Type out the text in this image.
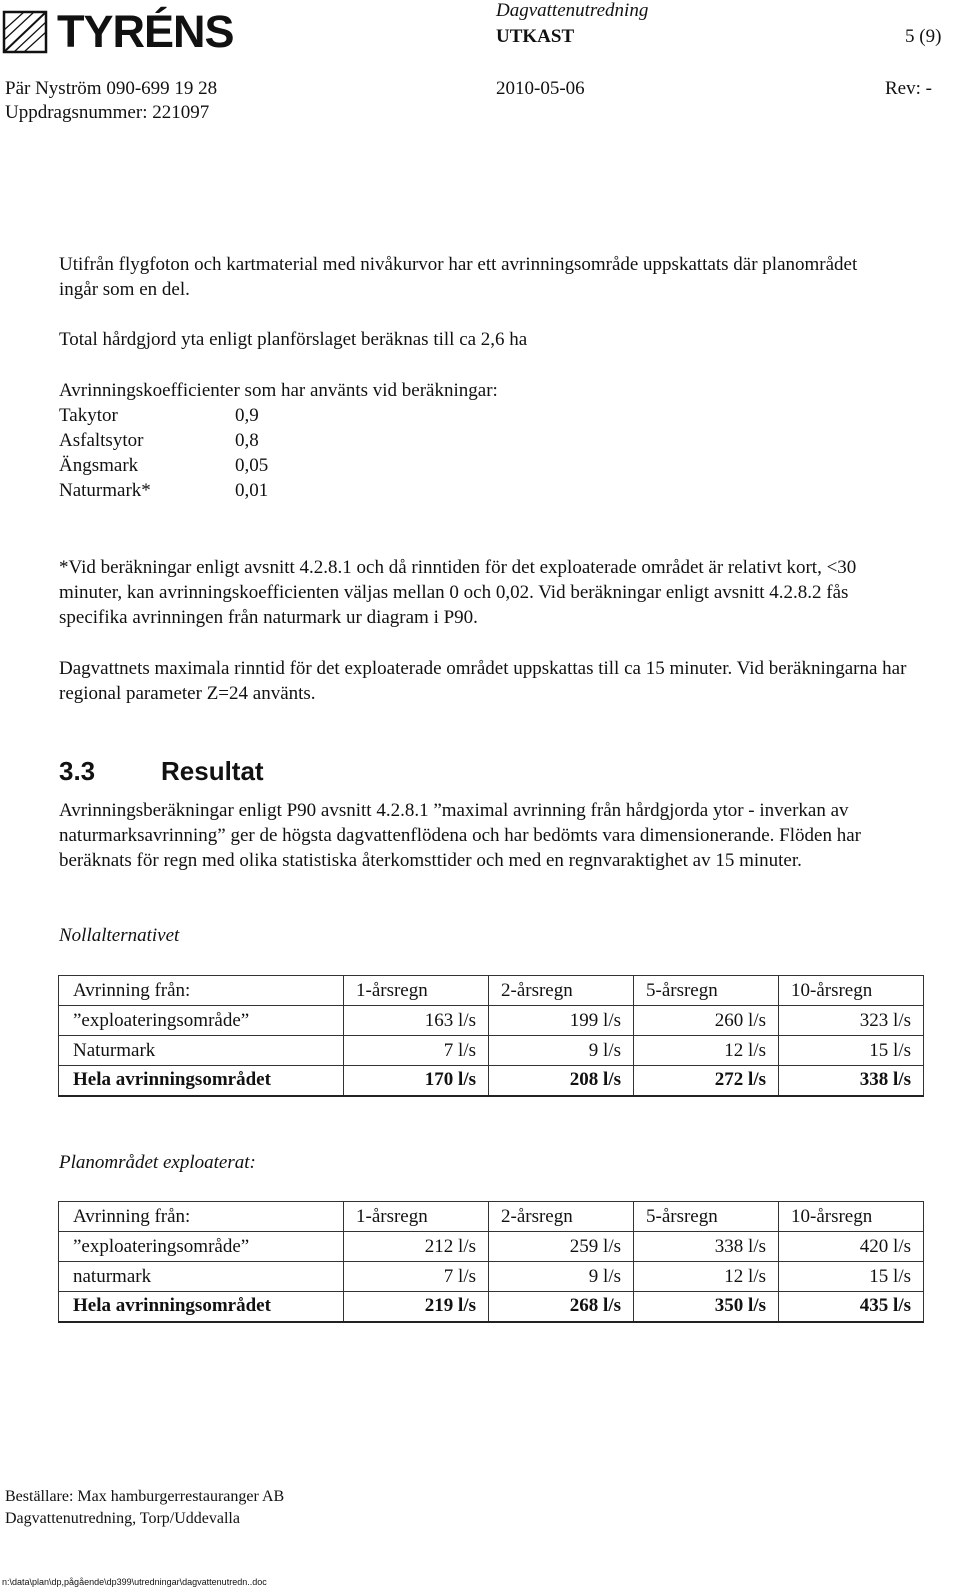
TYRÉNS	Dagvattenutredning
UTKAST	5 (9)
Pär Nyström 090-699 19 28	2010-05-06	Rev: -
Uppdragsnummer: 221097
Utifrån flygfoton och kartmaterial med nivåkurvor har ett avrinningsområde uppskattats där planområdet ingår som en del.
Total hårdgjord yta enligt planförslaget beräknas till ca 2,6 ha
Avrinningskoefficienter som har använts vid beräkningar:
Takytor	0,9
Asfaltsytor	0,8
Ängsmark	0,05
Naturmark*	0,01
*Vid beräkningar enligt avsnitt 4.2.8.1 och då rinntiden för det exploaterade området är relativt kort, <30 minuter, kan avrinningskoefficienten väljas mellan 0 och 0,02. Vid beräkningar enligt avsnitt 4.2.8.2 fås specifika avrinningen från naturmark ur diagram i P90.
Dagvattnets maximala rinntid för det exploaterade området uppskattas till ca 15 minuter. Vid beräkningarna har regional parameter Z=24 använts.
3.3	Resultat
Avrinningsberäkningar enligt P90 avsnitt 4.2.8.1 ”maximal avrinning från hårdgjorda ytor - inverkan av naturmarksavrinning” ger de högsta dagvattenflödena och har bedömts vara dimensionerande. Flöden har beräknats för regn med olika statistiska återkomsttider och med en regnvaraktighet av 15 minuter.
Nollalternativet
Avrinning från:	1-årsregn	2-årsregn	5-årsregn	10-årsregn
”exploateringsområde”	163 l/s	199 l/s	260 l/s	323 l/s
Naturmark	7 l/s	9 l/s	12 l/s	15 l/s
Hela avrinningsområdet	170 l/s	208 l/s	272 l/s	338 l/s
Planområdet exploaterat:
Avrinning från:	1-årsregn	2-årsregn	5-årsregn	10-årsregn
”exploateringsområde”	212 l/s	259 l/s	338 l/s	420 l/s
naturmark	7 l/s	9 l/s	12 l/s	15 l/s
Hela avrinningsområdet	219 l/s	268 l/s	350 l/s	435 l/s
Beställare: Max hamburgerrestauranger AB
Dagvattenutredning, Torp/Uddevalla
n:\data\plan\dp,pågående\dp399\utredningar\dagvattenutredn..doc
